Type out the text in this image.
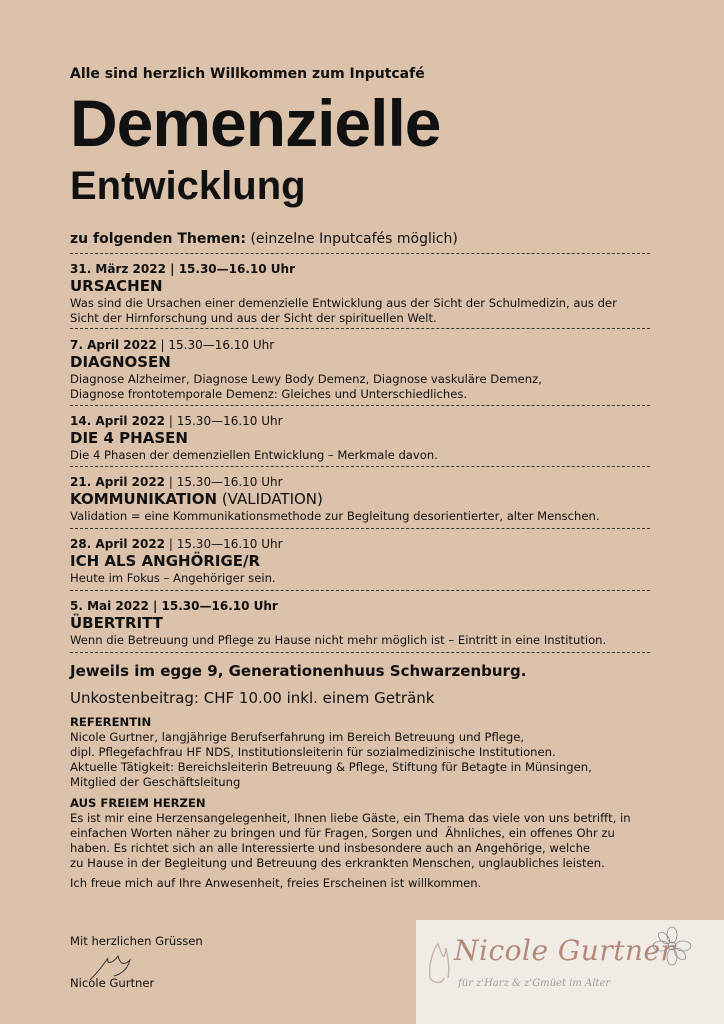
Alle sind herzlich Willkommen zum Inputcafé
Demenzielle
Entwicklung
zu folgenden Themen: (einzelne Inputcafés möglich)
31. März 2022 | 15.30—16.10 Uhr
URSACHEN
Was sind die Ursachen einer demenzielle Entwicklung aus der Sicht der Schulmedizin, aus der
Sicht der Hirnforschung und aus der Sicht der spirituellen Welt.
7. April 2022 | 15.30—16.10 Uhr
DIAGNOSEN
Diagnose Alzheimer, Diagnose Lewy Body Demenz, Diagnose vaskuläre Demenz,
Diagnose frontotemporale Demenz: Gleiches und Unterschiedliches.
14. April 2022 | 15.30—16.10 Uhr
DIE 4 PHASEN
Die 4 Phasen der demenziellen Entwicklung – Merkmale davon.
21. April 2022 | 15.30—16.10 Uhr
KOMMUNIKATION (VALIDATION)
Validation = eine Kommunikationsmethode zur Begleitung desorientierter, alter Menschen.
28. April 2022 | 15.30—16.10 Uhr
ICH ALS ANGHÖRIGE/R
Heute im Fokus – Angehöriger sein.
5. Mai 2022 | 15.30—16.10 Uhr
ÜBERTRITT
Wenn die Betreuung und Pflege zu Hause nicht mehr möglich ist – Eintritt in eine Institution.
Jeweils im egge 9, Generationenhuus Schwarzenburg.
Unkostenbeitrag: CHF 10.00 inkl. einem Getränk
REFERENTIN
Nicole Gurtner, langjährige Berufserfahrung im Bereich Betreuung und Pflege,
dipl. Pflegefachfrau HF NDS, Institutionsleiterin für sozialmedizinische Institutionen.
Aktuelle Tätigkeit: Bereichsleiterin Betreuung & Pflege, Stiftung für Betagte in Münsingen,
Mitglied der Geschäftsleitung
AUS FREIEM HERZEN
Es ist mir eine Herzensangelegenheit, Ihnen liebe Gäste, ein Thema das viele von uns betrifft, in
einfachen Worten näher zu bringen und für Fragen, Sorgen und  Ähnliches, ein offenes Ohr zu
haben. Es richtet sich an alle Interessierte und insbesondere auch an Angehörige, welche
zu Hause in der Begleitung und Betreuung des erkrankten Menschen, unglaubliches leisten.
Ich freue mich auf Ihre Anwesenheit, freies Erscheinen ist willkommen.
Mit herzlichen Grüssen
Nicole Gurtner
Nicole Gurtner
für z'Harz & z'Gmüet im Alter
